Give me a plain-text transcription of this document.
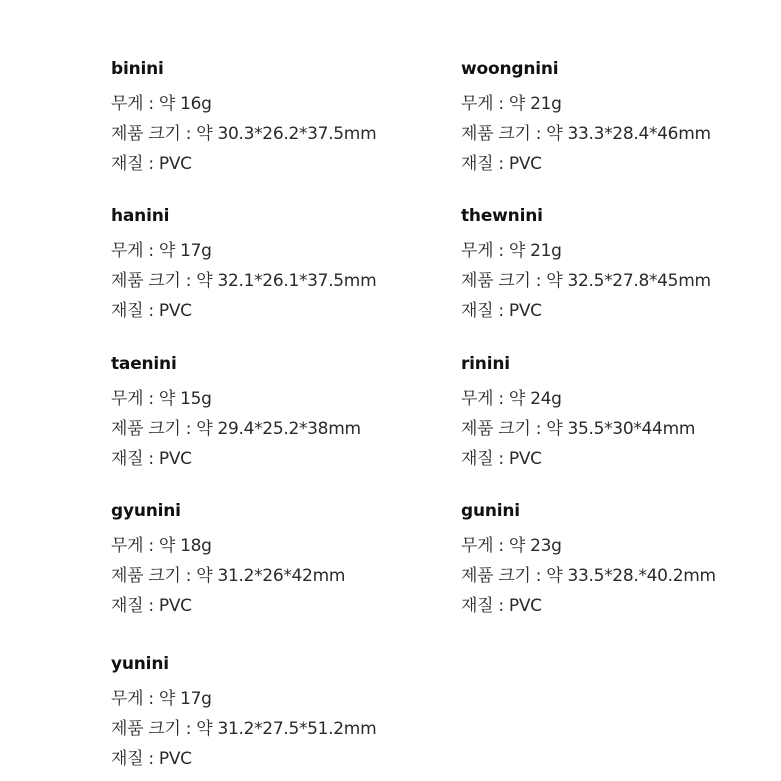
binini
무게 : 약 16g
제품 크기 : 약 30.3*26.2*37.5mm
재질 : PVC
woongnini
무게 : 약 21g
제품 크기 : 약 33.3*28.4*46mm
재질 : PVC
hanini
무게 : 약 17g
제품 크기 : 약 32.1*26.1*37.5mm
재질 : PVC
thewnini
무게 : 약 21g
제품 크기 : 약 32.5*27.8*45mm
재질 : PVC
taenini
무게 : 약 15g
제품 크기 : 약 29.4*25.2*38mm
재질 : PVC
rinini
무게 : 약 24g
제품 크기 : 약 35.5*30*44mm
재질 : PVC
gyunini
무게 : 약 18g
제품 크기 : 약 31.2*26*42mm
재질 : PVC
gunini
무게 : 약 23g
제품 크기 : 약 33.5*28.*40.2mm
재질 : PVC
yunini
무게 : 약 17g
제품 크기 : 약 31.2*27.5*51.2mm
재질 : PVC
